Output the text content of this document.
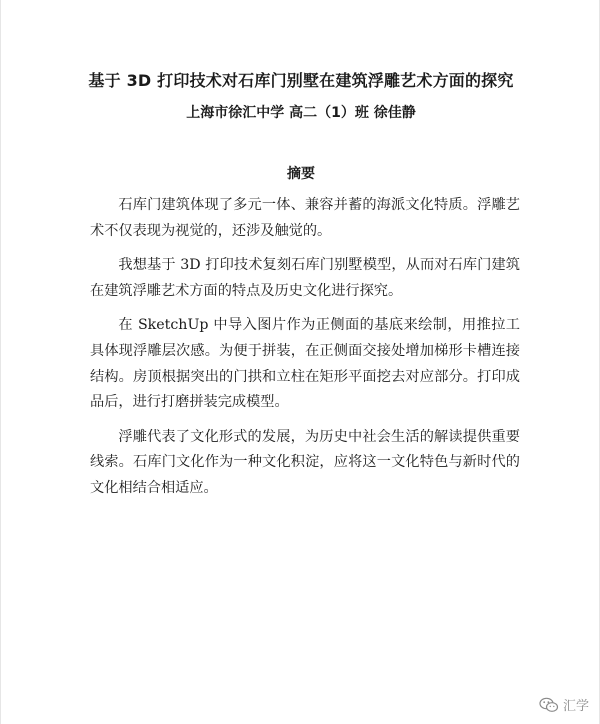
基于 3D 打印技术对石库门别墅在建筑浮雕艺术方面的探究
上海市徐汇中学 高二（1）班 徐佳静
摘要

石库门建筑体现了多元一体、兼容并蓄的海派文化特质。浮雕艺术不仅表现为视觉的，还涉及触觉的。

我想基于 3D 打印技术复刻石库门别墅模型，从而对石库门建筑在建筑浮雕艺术方面的特点及历史文化进行探究。

在 SketchUp 中导入图片作为正侧面的基底来绘制，用推拉工具体现浮雕层次感。为便于拼装，在正侧面交接处增加梯形卡槽连接结构。房顶根据突出的门拱和立柱在矩形平面挖去对应部分。打印成品后，进行打磨拼装完成模型。

浮雕代表了文化形式的发展，为历史中社会生活的解读提供重要线索。石库门文化作为一种文化积淀，应将这一文化特色与新时代的文化相结合相适应。

汇学
